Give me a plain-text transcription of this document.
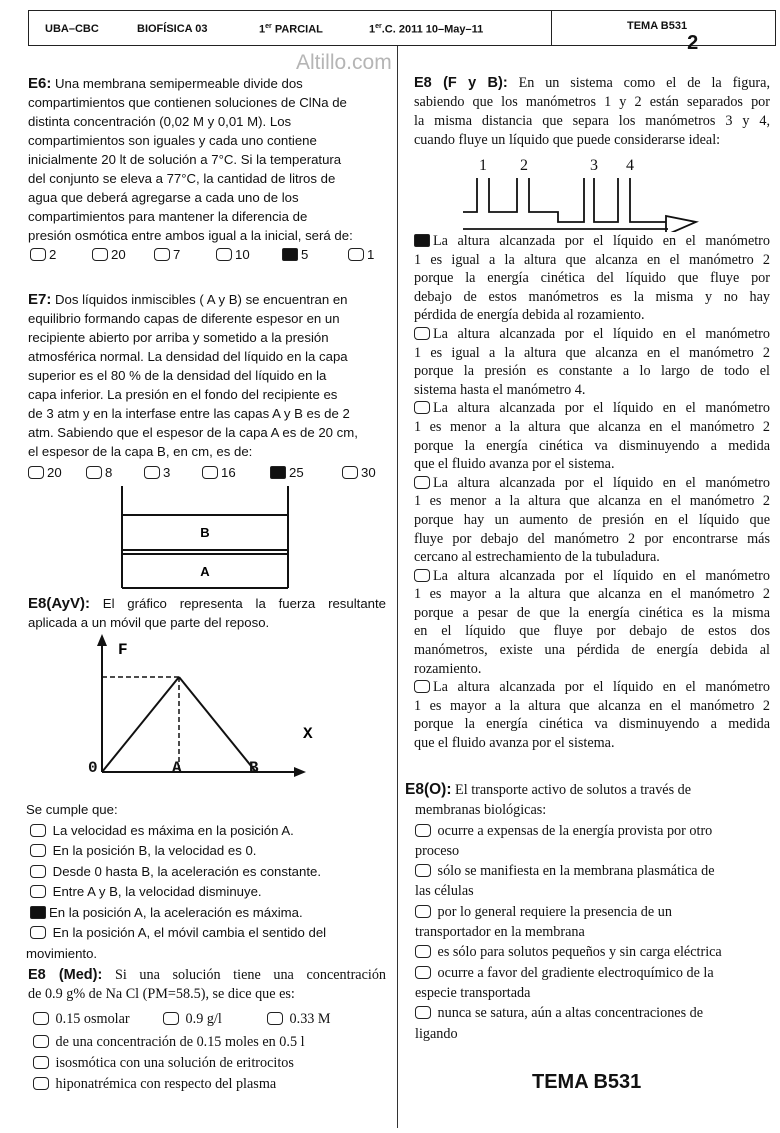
UBA–CBC	BIOFÍSICA 03	1er PARCIAL	1er.C. 2011 10–May–11	TEMA B531
2
Altillo.com
E6: Una membrana semipermeable divide dos
compartimientos que contienen soluciones de ClNa de
distinta concentración (0,02 M y 0,01 M). Los
compartimientos son iguales y cada uno contiene
inicialmente 20 lt de solución a 7°C. Si la temperatura
del conjunto se eleva a 77°C, la cantidad de litros de
agua que deberá agregarse a cada uno de los
compartimientos para mantener la diferencia de
presión osmótica entre ambos igual a la inicial, será de:
2	20	7	10	5	1
E7: Dos líquidos inmiscibles ( A y B) se encuentran en
equilibrio formando capas de diferente espesor en un
recipiente abierto por arriba y sometido a la presión
atmosférica normal. La densidad del líquido en la capa
superior es el 80 % de la densidad del líquido en la
capa inferior. La presión en el fondo del recipiente es
de 3 atm y en la interfase entre las capas A y B es de 2
atm. Sabiendo que el espesor de la capa A es de 20 cm,
el espesor de la capa B, en cm, es de:
20	8	3	16	25	30
B
A
E8(AyV): El gráfico representa la fuerza resultante
aplicada a un móvil que parte del reposo.
F
X
0	A	B
Se cumple que:
La velocidad es máxima en la posición A.
En la posición B, la velocidad es 0.
Desde 0 hasta B, la aceleración es constante.
Entre A y B, la velocidad disminuye.
En la posición A, la aceleración es máxima.
En la posición A, el móvil cambia el sentido del
movimiento.
E8 (Med): Si una solución tiene una concentración
de 0.9 g% de Na Cl (PM=58.5), se dice que es:
0.15 osmolar	0.9 g/l	0.33 M
de una concentración de 0.15 moles en 0.5 l
isosmótica con una solución de eritrocitos
hiponatrémica con respecto del plasma
E8 (F y B): En un sistema como el de la figura,
sabiendo que los manómetros 1 y 2 están separados por
la misma distancia que separa los manómetros 3 y 4,
cuando fluye un líquido que puede considerarse ideal:
1 2	3 4
La altura alcanzada por el líquido en el manómetro
1 es igual a la altura que alcanza en el manómetro 2
porque la energía cinética del líquido que fluye por
debajo de estos manómetros es la misma y no hay
pérdida de energía debida al rozamiento.
La altura alcanzada por el líquido en el manómetro
1 es igual a la altura que alcanza en el manómetro 2
porque la presión es constante a lo largo de todo el
sistema hasta el manómetro 4.
La altura alcanzada por el líquido en el manómetro
1 es menor a la altura que alcanza en el manómetro 2
porque la energía cinética va disminuyendo a medida
que el fluido avanza por el sistema.
La altura alcanzada por el líquido en el manómetro
1 es menor a la altura que alcanza en el manómetro 2
porque hay un aumento de presión en el líquido que
fluye por debajo del manómetro 2 por encontrarse más
cercano al estrechamiento de la tubuladura.
La altura alcanzada por el líquido en el manómetro
1 es mayor a la altura que alcanza en el manómetro 2
porque a pesar de que la energía cinética es la misma
en el líquido que fluye por debajo de estos dos
manómetros, existe una pérdida de energía debida al
rozamiento.
La altura alcanzada por el líquido en el manómetro
1 es mayor a la altura que alcanza en el manómetro 2
porque la energía cinética va disminuyendo a medida
que el fluido avanza por el sistema.
E8(O): El transporte activo de solutos a través de
membranas biológicas:
ocurre a expensas de la energía provista por otro
proceso
sólo se manifiesta en la membrana plasmática de
las células
por lo general requiere la presencia de un
transportador en la membrana
es sólo para solutos pequeños y sin carga eléctrica
ocurre a favor del gradiente electroquímico de la
especie transportada
nunca se satura, aún a altas concentraciones de
ligando
TEMA B531
